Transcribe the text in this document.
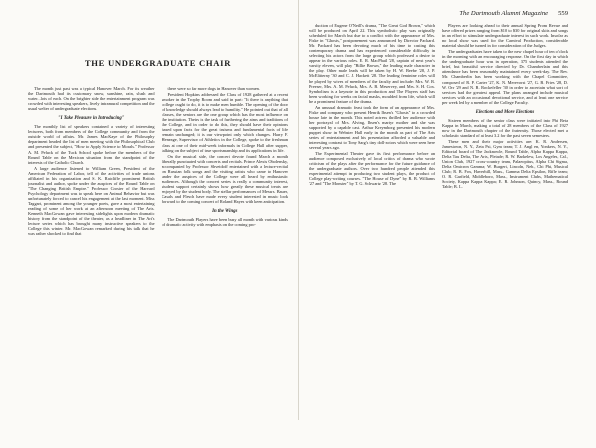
THE UNDERGRADUATE CHAIR

The month just past was a typical Hanover March. For its weather the Dartmouth had its customary snow, sunshine, rain, slush and water...lots of each. On the brighter side the entertainment program was crowded with interesting speakers, lively intramural competition and the usual welter of undergraduate elections.

"I Take Pleasure in Introducing"

The monthly list of speakers contained a variety of interesting lecturers, both from members of the College community and from the outside world of affairs. Mr. James MacKaye of the Philosophy department headed the list of men meeting with the Philosophical Club and presented the subject, "How to Apply Science to Morals." Professor A. M. Peluck of the Tuck School spoke before the members of the Round Table on the Mexican situation from the standpoint of the interests of the Catholic Church.

A large audience listened to William Green, President of the American Federation of Labor, tell of the activities of trade unions affiliated in his organization and S. K. Ratcliffe prominent British journalist and author, spoke under the auspices of the Round Table on "The Changing British Empire." Professor Crosier of the Harvard Psychology department was to speak here on Animal Behavior but was unfortunately forced to cancel his engagement at the last moment. Miss Taggart, prominent among the younger poets, gave a most entertaining reading of some of her work at an afternoon meeting of The Arts. Kenneth MacGowan gave interesting sidelights upon modern dramatic history from the standpoint of the theater, as a headliner in The Art's lecture series which has brought many instructive speakers to the College this winter. Mr. MacGowan remarked during his talk that he was rather shocked to find that

there were so far more dogs in Hanover than women.

President Hopkins addressed the Class of 1928 gathered at a recent smoker in the Trophy Room and said in part: "It there is anything that college ought to do, it is to make men humble. The opening of the door of knowledge should always lead to humility." He pointed out that of all classes, the seniors are the one group which has the most influence on the institution. Theirs is the task of furthering the aims and traditions of the College, and in order to do this, they should have their opinions based upon facts for the great truisms and fundamental facts of life remain unchanged; it is our viewpoint only which changes. Harry F. Heneage, Supervisor of Athletics in the College, spoke to the freshman class at one of their mid-week informals in College Hall after supper, talking on the subject of true sportsmanship and its applications in life.

On the musical side, the concert devote found March a month liberally punctuated with concerts and recitals. Prince Alexis Obolensky, accompanied by Professor Shveidoff entertained with a lecture-recital on Russian folk songs and the visiting artists who came to Hanover under the auspices of the College were all heard by enthusiastic audiences. Although the concert series is really a community interest, student support certainly shows how greatly these musical treats are enjoyed by the student body. The stellar performances of Messrs. Bauer, Casals and Flesch have made every student interested in music look forward to the coming concert of Roland Hayes with keen anticipation.

In the Wings

The Dartmouth Players have been busy all month with various kinds of dramatic activity with emphasis on the coming pro-

The Dartmouth Alumni Magazine 559

duction of Eugene O'Neill's drama, "The Great God Brown," which will be produced on April 22. This symbolistic play was originally scheduled for March but due to a conflict with the appearance of Mrs. Fiske in "Ghosts," postponement was announced by Director Packard. Mr. Packard has been devoting much of his time to casting this contemporary drama and has experienced considerable difficulty in selecting his actors from the large group which professed a desire to appear in the various roles. E. R. MacPhail '28, captain of next year's varsity eleven, will play "Billie Brown," the leading male character in the play. Other male leads will be taken by H. W. Beebe '28, J. P. McElitterny '30 and C. J. Hackett '28. The leading feminine roles will be played by wives of members of the faculty and include: Mrs. W. B. Preeser, Mrs. A. M. Peluck, Mrs. A. B. Meservey, and Mrs. S. H. Cox. Symbolism is a keynote in this production and The Players staff has been working for weeks on facial masks, moulded from life, which will be a prominent feature of the drama.

An unusual dramatic feast took the form of an appearance of Mrs. Fiske and company who present Henrik Ibsen's "Ghosts" to a crowded house late in the month. This noted actress thrilled her audience with her portrayal of Mrs. Alving, Ibsen's martyr mother and she was supported by a capable cast. Arthur Kreymborg presented his modern puppet show in Webster Hall early in the month as part of The Arts series of entertainment and his presentation afforded a valuable and interesting contrast to Tony Sarg's tiny doll-actors which were seen here several years ago.

The Experimental Theater gave its first performance before an audience composed exclusively of local critics of drama who wrote criticism of the plays after the performance for the future guidance of the undergraduate authors. Over two hundred people attended this experimental attempt in producing two student plays, the product of College play-writing courses. "The House of Dyne" by R. B. Williams '27 and "The Monster" by T. G. Schwartz '28. The

Players are looking ahead to their annual Spring Prom Revue and have offered prizes ranging from $10 to $30 for original skits and songs in an effort to stimulate undergraduate interest in such work. Insofar as no local show was used for the Carnival Production, considerable material should be turned in for consideration of the Judges.

The undergraduates have taken to the new chapel hour of ten o'clock in the morning with an encouraging response. On the first day in which the undergraduate hour was in operation, 375 students attended the brief, but beautiful service directed by Dr. Chamberlain and this attendance has been reasonably maintained every week-day. The Rev. Mr. Chamberlin has been working with the Chapel Committee, composed of R. P. Carter '27, K. N. Merevorst '27, G. B. Fries '28, D. W. Orr '29 and N. R. Rockefeller '30 in order to ascertain what sort of services had the greatest appeal. The plans arranged include musical services with an occasional devotional service, and at least one service per week led by a member of the College Faculty.

Elections and More Elections

Sixteen members of the senior class were initiated into Phi Beta Kappa in March, making a total of 28 members of the Class of 1927 now in the Dartmouth chapter of the fraternity. Those elected met a scholastic standard of at least 3.2 for the past seven semesters.

These men and their major activities are: K. R. Andersen, Jamestown, N. Y., Zeta Psi, Gym team; T. J. Angl en, Yonkers, N. Y., Editorial board of The Jacknowle, Round Table, Alpha Kappa Kappa, Delta Tau Delta, The Arts, Pleiade; R. W. Barkelew, Los Angeles, Cal., Union Club, 1927 cross-country team, Palaeopitus, Alpha Chi Sigma, Delta Omicron Gamma; W. Burgert, Lincoln, Neb., Chi Phi, Musical Club; R. B. Fox, Haverhill, Mass., Gamma Delta Epsilon, Rifle team; O. R. Garfield, Middleboro, Mass., Instrument Clubs, Mathematical Society, Kappa Kappa Kappa; E. R. Johnson, Quincy, Mass., Round Table; B. L.
